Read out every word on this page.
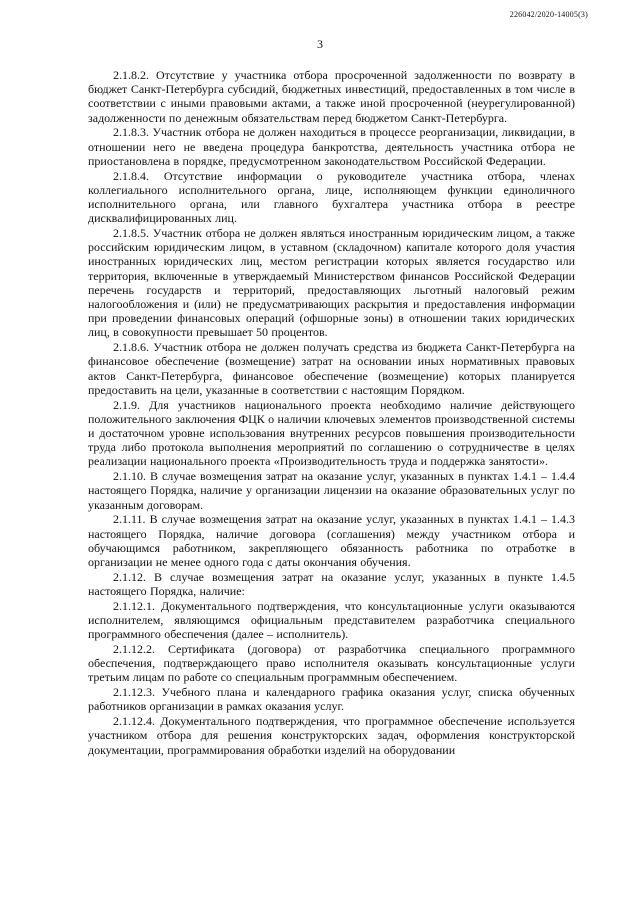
226042/2020-14005(3)
3

2.1.8.2. Отсутствие у участника отбора просроченной задолженности по возврату в бюджет Санкт-Петербурга субсидий, бюджетных инвестиций, предоставленных в том числе в соответствии с иными правовыми актами, а также иной просроченной (неурегулированной) задолженности по денежным обязательствам перед бюджетом Санкт-Петербурга.

2.1.8.3. Участник отбора не должен находиться в процессе реорганизации, ликвидации, в отношении него не введена процедура банкротства, деятельность участника отбора не приостановлена в порядке, предусмотренном законодательством Российской Федерации.

2.1.8.4. Отсутствие информации о руководителе участника отбора, членах коллегиального исполнительного органа, лице, исполняющем функции единоличного исполнительного органа, или главного бухгалтера участника отбора в реестре дисквалифицированных лиц.

2.1.8.5. Участник отбора не должен являться иностранным юридическим лицом, а также российским юридическим лицом, в уставном (складочном) капитале которого доля участия иностранных юридических лиц, местом регистрации которых является государство или территория, включенные в утверждаемый Министерством финансов Российской Федерации перечень государств и территорий, предоставляющих льготный налоговый режим налогообложения и (или) не предусматривающих раскрытия и предоставления информации при проведении финансовых операций (офшорные зоны) в отношении таких юридических лиц, в совокупности превышает 50 процентов.

2.1.8.6. Участник отбора не должен получать средства из бюджета Санкт-Петербурга на финансовое обеспечение (возмещение) затрат на основании иных нормативных правовых актов Санкт-Петербурга, финансовое обеспечение (возмещение) которых планируется предоставить на цели, указанные в соответствии с настоящим Порядком.

2.1.9. Для участников национального проекта необходимо наличие действующего положительного заключения ФЦК о наличии ключевых элементов производственной системы и достаточном уровне использования внутренних ресурсов повышения производительности труда либо протокола выполнения мероприятий по соглашению о сотрудничестве в целях реализации национального проекта «Производительность труда и поддержка занятости».

2.1.10. В случае возмещения затрат на оказание услуг, указанных в пунктах 1.4.1 – 1.4.4 настоящего Порядка, наличие у организации лицензии на оказание образовательных услуг по указанным договорам.

2.1.11. В случае возмещения затрат на оказание услуг, указанных в пунктах 1.4.1 – 1.4.3 настоящего Порядка, наличие договора (соглашения) между участником отбора и обучающимся работником, закрепляющего обязанность работника по отработке в организации не менее одного года с даты окончания обучения.

2.1.12. В случае возмещения затрат на оказание услуг, указанных в пункте 1.4.5 настоящего Порядка, наличие:

2.1.12.1. Документального подтверждения, что консультационные услуги оказываются исполнителем, являющимся официальным представителем разработчика специального программного обеспечения (далее – исполнитель).

2.1.12.2. Сертификата (договора) от разработчика специального программного обеспечения, подтверждающего право исполнителя оказывать консультационные услуги третьим лицам по работе со специальным программным обеспечением.

2.1.12.3. Учебного плана и календарного графика оказания услуг, списка обученных работников организации в рамках оказания услуг.

2.1.12.4. Документального подтверждения, что программное обеспечение используется участником отбора для решения конструкторских задач, оформления конструкторской документации, программирования обработки изделий на оборудовании
